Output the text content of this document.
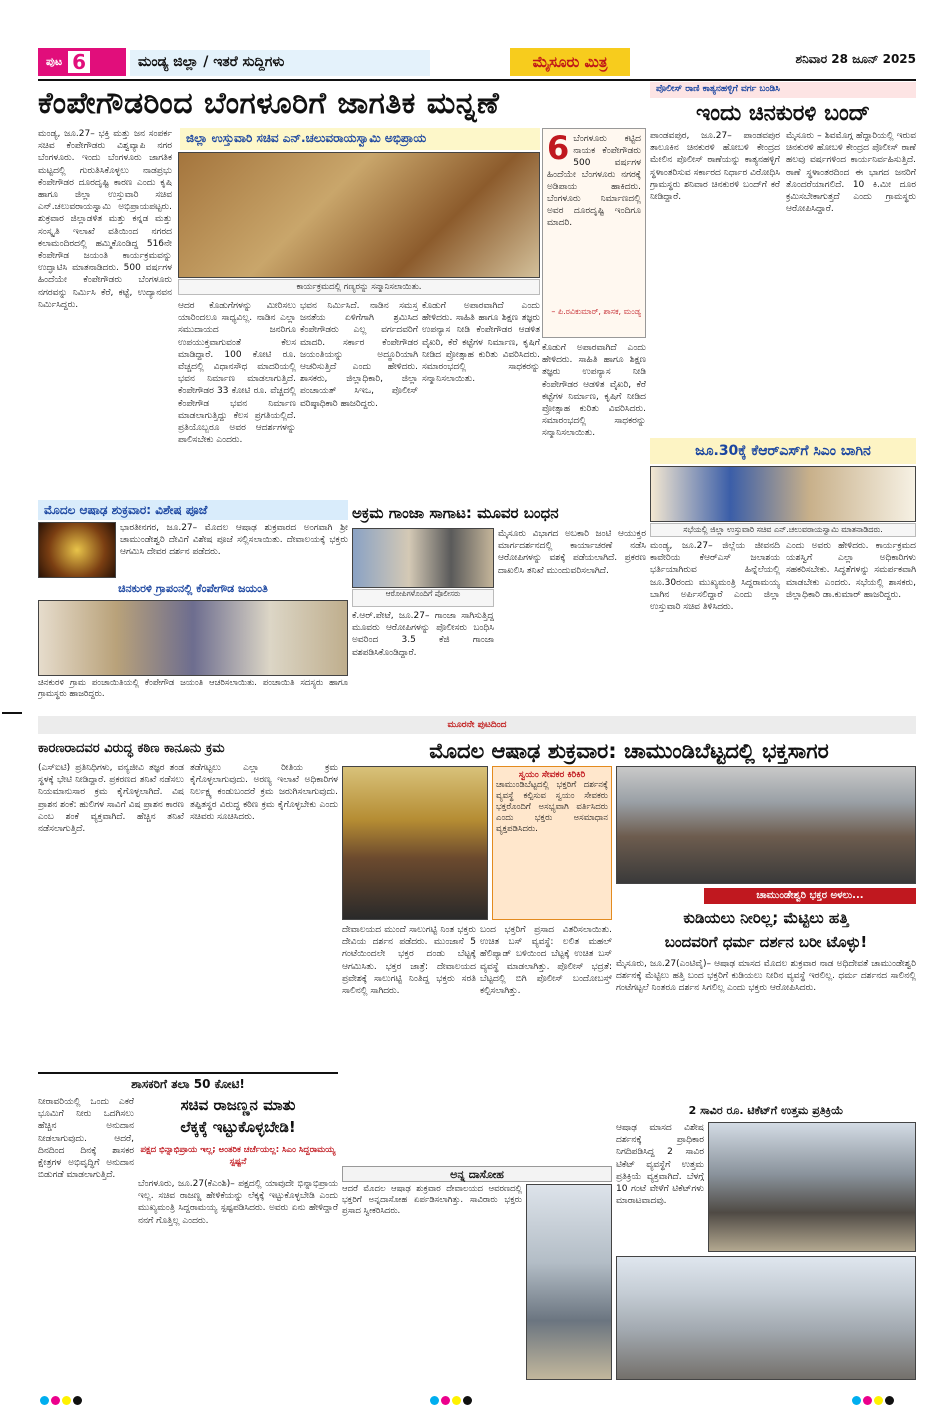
ಪುಟ 6	ಮಂಡ್ಯ ಜಿಲ್ಲಾ / ಇತರೆ ಸುದ್ದಿಗಳು	ಮೈಸೂರು ಮಿತ್ರ	ಶನಿವಾರ 28 ಜೂನ್ 2025
ಕೆಂಪೇಗೌಡರಿಂದ ಬೆಂಗಳೂರಿಗೆ ಜಾಗತಿಕ ಮನ್ನಣೆ
ಜಿಲ್ಲಾ ಉಸ್ತುವಾರಿ ಸಚಿವ ಎನ್.ಚಲುವರಾಯಸ್ವಾಮಿ ಅಭಿಪ್ರಾಯ
ಮಂಡ್ಯ, ಜೂ.27– ಭಕ್ತಿ ಮತ್ತು ಜನ ಸಂಪರ್ಕ ಸಚಿವ ಕೆಂಪೇಗೌಡರು ವಿಶ್ವವ್ಯಾಪಿ ನಗರ ಬೆಂಗಳೂರು. ಇಂದು ಬೆಂಗಳೂರು ಜಾಗತಿಕ ಮಟ್ಟದಲ್ಲಿ ಗುರುತಿಸಿಕೊಳ್ಳಲು ನಾಡಪ್ರಭು ಕೆಂಪೇಗೌಡರ ದೂರದೃಷ್ಟಿ ಕಾರಣ ಎಂದು ಕೃಷಿ ಹಾಗೂ ಜಿಲ್ಲಾ ಉಸ್ತುವಾರಿ ಸಚಿವ ಎನ್.ಚಲುವರಾಯಸ್ವಾಮಿ ಅಭಿಪ್ರಾಯಪಟ್ಟರು. ಶುಕ್ರವಾರ ಜಿಲ್ಲಾಡಳಿತ ಮತ್ತು ಕನ್ನಡ ಮತ್ತು ಸಂಸ್ಕೃತಿ ಇಲಾಖೆ ವತಿಯಿಂದ ನಗರದ ಕಲಾಮಂದಿರದಲ್ಲಿ ಹಮ್ಮಿಕೊಂಡಿದ್ದ 516ನೇ ಕೆಂಪೇಗೌಡ ಜಯಂತಿ ಕಾರ್ಯಕ್ರಮವನ್ನು ಉದ್ಘಾಟಿಸಿ ಮಾತನಾಡಿದರು. 500 ವರ್ಷಗಳ ಹಿಂದೆಯೇ ಕೆಂಪೇಗೌಡರು ಬೆಂಗಳೂರು ನಗರವನ್ನು ನಿರ್ಮಿಸಿ ಕೆರೆ, ಕಟ್ಟೆ, ಉದ್ಯಾನವನ ನಿರ್ಮಿಸಿದ್ದರು.
ಕಾರ್ಯಕ್ರಮದಲ್ಲಿ ಗಣ್ಯರನ್ನು ಸನ್ಮಾನಿಸಲಾಯಿತು.
ಆದರ ಕೊಡುಗೆಗಳನ್ನು ಮೀರಿಸಲು ಯಾರಿಂದಲೂ ಸಾಧ್ಯವಿಲ್ಲ. ನಾಡಿನ ಎಲ್ಲಾ ಸಮುದಾಯದ ಜನರಿಗೂ ಉಪಯುಕ್ತವಾಗುವಂತೆ ಕೆಲಸ ಮಾಡಿದ್ದಾರೆ. 100 ಕೋಟಿ ರೂ. ವೆಚ್ಚದಲ್ಲಿ ವಿಧಾನಸೌಧ ಮಾದರಿಯಲ್ಲಿ ಭವನ ನಿರ್ಮಾಣ ಮಾಡಲಾಗುತ್ತಿದೆ. ಕೆಂಪೇಗೌಡರ 33 ಕೋಟಿ ರೂ. ವೆಚ್ಚದಲ್ಲಿ ಕೆಂಪೇಗೌಡ ಭವನ ನಿರ್ಮಾಣ ಮಾಡಲಾಗುತ್ತಿದ್ದು ಕೆಲಸ ಪ್ರಗತಿಯಲ್ಲಿದೆ. ಪ್ರತಿಯೊಬ್ಬರೂ ಅವರ ಆದರ್ಶಗಳನ್ನು ಪಾಲಿಸಬೇಕು ಎಂದರು.
ಭವನ ನಿರ್ಮಿಸಿದೆ. ನಾಡಿನ ಸಮಸ್ತ ಜನತೆಯ ಏಳಿಗೆಗಾಗಿ ಶ್ರಮಿಸಿದ ಕೆಂಪೇಗೌಡರು ಎಲ್ಲ ವರ್ಗದವರಿಗೆ ಮಾದರಿ. ಸರ್ಕಾರ ಕೆಂಪೇಗೌಡರ ಜಯಂತಿಯನ್ನು ಅದ್ಧೂರಿಯಾಗಿ ಆಚರಿಸುತ್ತಿದೆ ಎಂದು ಹೇಳಿದರು. ಶಾಸಕರು, ಜಿಲ್ಲಾಧಿಕಾರಿ, ಜಿಲ್ಲಾ ಪಂಚಾಯತ್ ಸಿಇಒ, ಪೊಲೀಸ್ ವರಿಷ್ಠಾಧಿಕಾರಿ ಹಾಜರಿದ್ದರು.
ಕೊಡುಗೆ ಅಪಾರವಾಗಿದೆ ಎಂದು ಹೇಳಿದರು. ಸಾಹಿತಿ ಹಾಗೂ ಶಿಕ್ಷಣ ತಜ್ಞರು ಉಪನ್ಯಾಸ ನೀಡಿ ಕೆಂಪೇಗೌಡರ ಆಡಳಿತ ವೈಖರಿ, ಕೆರೆ ಕಟ್ಟೆಗಳ ನಿರ್ಮಾಣ, ಕೃಷಿಗೆ ನೀಡಿದ ಪ್ರೋತ್ಸಾಹ ಕುರಿತು ವಿವರಿಸಿದರು. ಸಮಾರಂಭದಲ್ಲಿ ಸಾಧಕರನ್ನು ಸನ್ಮಾನಿಸಲಾಯಿತು.
6 ಬೆಂಗಳೂರು ಕಟ್ಟಿದ ನಾಯಕ ಕೆಂಪೇಗೌಡರು 500 ವರ್ಷಗಳ ಹಿಂದೆಯೇ ಬೆಂಗಳೂರು ನಗರಕ್ಕೆ ಅಡಿಪಾಯ ಹಾಕಿದರು. ಬೆಂಗಳೂರು ನಿರ್ಮಾಣದಲ್ಲಿ ಅವರ ದೂರದೃಷ್ಟಿ ಇಂದಿಗೂ ಮಾದರಿ.
– ಪಿ.ರವಿಕುಮಾರ್, ಶಾಸಕ, ಮಂಡ್ಯ
ಕೊಡುಗೆ ಅಪಾರವಾಗಿದೆ ಎಂದು ಹೇಳಿದರು. ಸಾಹಿತಿ ಹಾಗೂ ಶಿಕ್ಷಣ ತಜ್ಞರು ಉಪನ್ಯಾಸ ನೀಡಿ ಕೆಂಪೇಗೌಡರ ಆಡಳಿತ ವೈಖರಿ, ಕೆರೆ ಕಟ್ಟೆಗಳ ನಿರ್ಮಾಣ, ಕೃಷಿಗೆ ನೀಡಿದ ಪ್ರೋತ್ಸಾಹ ಕುರಿತು ವಿವರಿಸಿದರು. ಸಮಾರಂಭದಲ್ಲಿ ಸಾಧಕರನ್ನು ಸನ್ಮಾನಿಸಲಾಯಿತು.
ಪೊಲೀಸ್ ರಾಣಿ ಕಾತ್ಯನಹಳ್ಳಿಗೆ ವರ್ಗ ಬಂಡಿಸಿ
ಇಂದು ಚಿನಕುರಳಿ ಬಂದ್
ಪಾಂಡವಪುರ, ಜೂ.27– ಪಾಂಡವಪುರ ತಾಲೂಕಿನ ಚಿನಕುರಳಿ ಹೋಬಳಿ ಕೇಂದ್ರದ ಮೇಲಿನ ಪೊಲೀಸ್ ಠಾಣೆಯನ್ನು ಕಾತ್ಯನಹಳ್ಳಿಗೆ ಸ್ಥಳಾಂತರಿಸುವ ಸರ್ಕಾರದ ನಿರ್ಧಾರ ವಿರೋಧಿಸಿ ಗ್ರಾಮಸ್ಥರು ಶನಿವಾರ ಚಿನಕುರಳಿ ಬಂದ್‌ಗೆ ಕರೆ ನೀಡಿದ್ದಾರೆ.
ಮೈಸೂರು – ಶಿವಮೊಗ್ಗ ಹೆದ್ದಾರಿಯಲ್ಲಿ ಇರುವ ಚಿನಕುರಳಿ ಹೋಬಳಿ ಕೇಂದ್ರದ ಪೊಲೀಸ್ ಠಾಣೆ ಹಲವು ವರ್ಷಗಳಿಂದ ಕಾರ್ಯನಿರ್ವಹಿಸುತ್ತಿದೆ. ಠಾಣೆ ಸ್ಥಳಾಂತರದಿಂದ ಈ ಭಾಗದ ಜನರಿಗೆ ತೊಂದರೆಯಾಗಲಿದೆ. 10 ಕಿ.ಮೀ ದೂರ ಕ್ರಮಿಸಬೇಕಾಗುತ್ತದೆ ಎಂದು ಗ್ರಾಮಸ್ಥರು ಆರೋಪಿಸಿದ್ದಾರೆ.
ಜೂ.30ಕ್ಕೆ ಕೆಆರ್‌ಎಸ್‌ಗೆ ಸಿಎಂ ಬಾಗಿನ
ಸಭೆಯಲ್ಲಿ ಜಿಲ್ಲಾ ಉಸ್ತುವಾರಿ ಸಚಿವ ಎನ್.ಚಲುವರಾಯಸ್ವಾಮಿ ಮಾತನಾಡಿದರು.
ಮಂಡ್ಯ, ಜೂ.27– ಜಿಲ್ಲೆಯ ಜೀವನದಿ ಕಾವೇರಿಯ ಕೆಆರ್‌ಎಸ್ ಜಲಾಶಯ ಭರ್ತಿಯಾಗಿರುವ ಹಿನ್ನೆಲೆಯಲ್ಲಿ ಜೂ.30ರಂದು ಮುಖ್ಯಮಂತ್ರಿ ಸಿದ್ದರಾಮಯ್ಯ ಬಾಗಿನ ಅರ್ಪಿಸಲಿದ್ದಾರೆ ಎಂದು ಜಿಲ್ಲಾ ಉಸ್ತುವಾರಿ ಸಚಿವ ತಿಳಿಸಿದರು.
ಎಂದು ಅವರು ಹೇಳಿದರು. ಕಾರ್ಯಕ್ರಮದ ಯಶಸ್ವಿಗೆ ಎಲ್ಲಾ ಅಧಿಕಾರಿಗಳು ಸಹಕರಿಸಬೇಕು. ಸಿದ್ಧತೆಗಳನ್ನು ಸಮರ್ಪಕವಾಗಿ ಮಾಡಬೇಕು ಎಂದರು. ಸಭೆಯಲ್ಲಿ ಶಾಸಕರು, ಜಿಲ್ಲಾಧಿಕಾರಿ ಡಾ.ಕುಮಾರ್ ಹಾಜರಿದ್ದರು.
ಮೊದಲ ಆಷಾಢ ಶುಕ್ರವಾರ: ವಿಶೇಷ ಪೂಜೆ
ಭಾರತೀನಗರ, ಜೂ.27– ಮೊದಲ ಆಷಾಢ ಶುಕ್ರವಾರದ ಅಂಗವಾಗಿ ಶ್ರೀ ಚಾಮುಂಡೇಶ್ವರಿ ದೇವಿಗೆ ವಿಶೇಷ ಪೂಜೆ ಸಲ್ಲಿಸಲಾಯಿತು. ದೇವಾಲಯಕ್ಕೆ ಭಕ್ತರು ಆಗಮಿಸಿ ದೇವರ ದರ್ಶನ ಪಡೆದರು.
ಚಿನಕುರಳಿ ಗ್ರಾಪಂನಲ್ಲಿ ಕೆಂಪೇಗೌಡ ಜಯಂತಿ
ಚಿನಕುರಳಿ ಗ್ರಾಮ ಪಂಚಾಯಿತಿಯಲ್ಲಿ ಕೆಂಪೇಗೌಡ ಜಯಂತಿ ಆಚರಿಸಲಾಯಿತು. ಪಂಚಾಯಿತಿ ಸದಸ್ಯರು ಹಾಗೂ ಗ್ರಾಮಸ್ಥರು ಹಾಜರಿದ್ದರು.
ಅಕ್ರಮ ಗಾಂಜಾ ಸಾಗಾಟ: ಮೂವರ ಬಂಧನ
ಆರೋಪಿಗಳೊಂದಿಗೆ ಪೊಲೀಸರು
ಕೆ.ಆರ್.ಪೇಟೆ, ಜೂ.27– ಗಾಂಜಾ ಸಾಗಿಸುತ್ತಿದ್ದ ಮೂವರು ಆರೋಪಿಗಳನ್ನು ಪೊಲೀಸರು ಬಂಧಿಸಿ ಅವರಿಂದ 3.5 ಕೆಜಿ ಗಾಂಜಾ ವಶಪಡಿಸಿಕೊಂಡಿದ್ದಾರೆ.
ಮೈಸೂರು ವಿಭಾಗದ ಅಬಕಾರಿ ಜಂಟಿ ಆಯುಕ್ತರ ಮಾರ್ಗದರ್ಶನದಲ್ಲಿ ಕಾರ್ಯಾಚರಣೆ ನಡೆಸಿ ಆರೋಪಿಗಳನ್ನು ವಶಕ್ಕೆ ಪಡೆಯಲಾಗಿದೆ. ಪ್ರಕರಣ ದಾಖಲಿಸಿ ತನಿಖೆ ಮುಂದುವರಿಸಲಾಗಿದೆ.
ಮೂರನೇ ಪುಟದಿಂದ
ಕಾರಣರಾದವರ ವಿರುದ್ಧ ಕಠಿಣ ಕಾನೂನು ಕ್ರಮ
(ಎಸ್‌ಐಟಿ) ಪ್ರತಿನಿಧಿಗಳು, ವನ್ಯಜೀವಿ ತಜ್ಞರ ತಂಡ ಸ್ಥಳಕ್ಕೆ ಭೇಟಿ ನೀಡಿದ್ದಾರೆ. ಪ್ರಕರಣದ ತನಿಖೆ ನಡೆಸಲು ನಿಯಮಾನುಸಾರ ಕ್ರಮ ಕೈಗೊಳ್ಳಲಾಗಿದೆ. ವಿಷ ಪ್ರಾಶನ ಶಂಕೆ: ಹುಲಿಗಳ ಸಾವಿಗೆ ವಿಷ ಪ್ರಾಶನ ಕಾರಣ ಎಂಬ ಶಂಕೆ ವ್ಯಕ್ತವಾಗಿದೆ. ಹೆಚ್ಚಿನ ತನಿಖೆ ನಡೆಸಲಾಗುತ್ತಿದೆ.
ತಡೆಗಟ್ಟಲು ಎಲ್ಲಾ ರೀತಿಯ ಕ್ರಮ ಕೈಗೊಳ್ಳಲಾಗುವುದು. ಅರಣ್ಯ ಇಲಾಖೆ ಅಧಿಕಾರಿಗಳ ನಿರ್ಲಕ್ಷ್ಯ ಕಂಡುಬಂದರೆ ಕ್ರಮ ಜರುಗಿಸಲಾಗುವುದು. ತಪ್ಪಿತಸ್ಥರ ವಿರುದ್ಧ ಕಠಿಣ ಕ್ರಮ ಕೈಗೊಳ್ಳಬೇಕು ಎಂದು ಸಚಿವರು ಸೂಚಿಸಿದರು.
ಶಾಸಕರಿಗೆ ತಲಾ 50 ಕೋಟಿ!
ನೀರಾವರಿಯಲ್ಲಿ ಒಂದು ಎಕರೆ ಭೂಮಿಗೆ ನೀರು ಒದಗಿಸಲು ಹೆಚ್ಚಿನ ಅನುದಾನ ನೀಡಲಾಗುವುದು. ಆದರೆ, ದಿನದಿಂದ ದಿನಕ್ಕೆ ಶಾಸಕರ ಕ್ಷೇತ್ರಗಳ ಅಭಿವೃದ್ಧಿಗೆ ಅನುದಾನ ಬಿಡುಗಡೆ ಮಾಡಲಾಗುತ್ತಿದೆ.
ಸಚಿವ ರಾಜಣ್ಣನ ಮಾತು
ಲೆಕ್ಕಕ್ಕೆ ಇಟ್ಟುಕೊಳ್ಳಬೇಡಿ!
ಪಕ್ಷದ ಭಿನ್ನಾಭಿಪ್ರಾಯ ಇಲ್ಲ; ಅಂತರಿಕ ಚರ್ಚೆಯಲ್ಲ: ಸಿಎಂ ಸಿದ್ದರಾಮಯ್ಯ ಸ್ಪಷ್ಟನೆ
ಬೆಂಗಳೂರು, ಜೂ.27(ಕೆಎಂಶಿ)– ಪಕ್ಷದಲ್ಲಿ ಯಾವುದೇ ಭಿನ್ನಾಭಿಪ್ರಾಯ ಇಲ್ಲ. ಸಚಿವ ರಾಜಣ್ಣ ಹೇಳಿಕೆಯನ್ನು ಲೆಕ್ಕಕ್ಕೆ ಇಟ್ಟುಕೊಳ್ಳಬೇಡಿ ಎಂದು ಮುಖ್ಯಮಂತ್ರಿ ಸಿದ್ದರಾಮಯ್ಯ ಸ್ಪಷ್ಟಪಡಿಸಿದರು. ಅವರು ಏನು ಹೇಳಿದ್ದಾರೆ ನನಗೆ ಗೊತ್ತಿಲ್ಲ ಎಂದರು.
ಮೊದಲ ಆಷಾಢ ಶುಕ್ರವಾರ: ಚಾಮುಂಡಿಬೆಟ್ಟದಲ್ಲಿ ಭಕ್ತಸಾಗರ
ಸ್ವಯಂ ಸೇವಕರ ಕಿರಿಕಿರಿ
ಚಾಮುಂಡಿಬೆಟ್ಟದಲ್ಲಿ ಭಕ್ತರಿಗೆ ದರ್ಶನಕ್ಕೆ ವ್ಯವಸ್ಥೆ ಕಲ್ಪಿಸುವ ಸ್ವಯಂ ಸೇವಕರು ಭಕ್ತರೊಂದಿಗೆ ಅಸಭ್ಯವಾಗಿ ವರ್ತಿಸಿದರು ಎಂದು ಭಕ್ತರು ಅಸಮಾಧಾನ ವ್ಯಕ್ತಪಡಿಸಿದರು.
ದೇವಾಲಯದ ಮುಂದೆ ಸಾಲುಗಟ್ಟಿ ನಿಂತ ಭಕ್ತರು ದೇವಿಯ ದರ್ಶನ ಪಡೆದರು. ಮುಂಜಾನೆ 5 ಗಂಟೆಯಿಂದಲೇ ಭಕ್ತರ ದಂಡು ಬೆಟ್ಟಕ್ಕೆ ಆಗಮಿಸಿತು. ಭಕ್ತರ ಜಾತ್ರೆ: ದೇವಾಲಯದ ಪ್ರವೇಶಕ್ಕೆ ಸಾಲುಗಟ್ಟಿ ನಿಂತಿದ್ದ ಭಕ್ತರು ಸರತಿ ಸಾಲಿನಲ್ಲಿ ಸಾಗಿದರು.
ಬಂದ ಭಕ್ತರಿಗೆ ಪ್ರಸಾದ ವಿತರಿಸಲಾಯಿತು. ಉಚಿತ ಬಸ್ ವ್ಯವಸ್ಥೆ: ಲಲಿತ ಮಹಲ್ ಹೆಲಿಪ್ಯಾಡ್ ಬಳಿಯಿಂದ ಬೆಟ್ಟಕ್ಕೆ ಉಚಿತ ಬಸ್ ವ್ಯವಸ್ಥೆ ಮಾಡಲಾಗಿತ್ತು. ಪೊಲೀಸ್ ಭದ್ರತೆ: ಬೆಟ್ಟದಲ್ಲಿ ಬಿಗಿ ಪೊಲೀಸ್ ಬಂದೋಬಸ್ತ್ ಕಲ್ಪಿಸಲಾಗಿತ್ತು.
ಅನ್ನ ದಾಸೋಹ
ಆದರೆ ಮೊದಲ ಆಷಾಢ ಶುಕ್ರವಾರ ದೇವಾಲಯದ ಆವರಣದಲ್ಲಿ ಭಕ್ತರಿಗೆ ಅನ್ನದಾಸೋಹ ಏರ್ಪಡಿಸಲಾಗಿತ್ತು. ಸಾವಿರಾರು ಭಕ್ತರು ಪ್ರಸಾದ ಸ್ವೀಕರಿಸಿದರು.
ಚಾಮುಂಡೇಶ್ವರಿ ಭಕ್ತರ ಅಳಲು...
ಕುಡಿಯಲು ನೀರಿಲ್ಲ; ಮೆಟ್ಟಿಲು ಹತ್ತಿ
ಬಂದವರಿಗೆ ಧರ್ಮ ದರ್ಶನ ಬರೀ ಟೊಳ್ಳು!
ಮೈಸೂರು, ಜೂ.27(ಎಂಟಿವೈ)– ಆಷಾಢ ಮಾಸದ ಮೊದಲ ಶುಕ್ರವಾರ ನಾಡ ಅಧಿದೇವತೆ ಚಾಮುಂಡೇಶ್ವರಿ ದರ್ಶನಕ್ಕೆ ಮೆಟ್ಟಿಲು ಹತ್ತಿ ಬಂದ ಭಕ್ತರಿಗೆ ಕುಡಿಯಲು ನೀರಿನ ವ್ಯವಸ್ಥೆ ಇರಲಿಲ್ಲ. ಧರ್ಮ ದರ್ಶನದ ಸಾಲಿನಲ್ಲಿ ಗಂಟೆಗಟ್ಟಲೆ ನಿಂತರೂ ದರ್ಶನ ಸಿಗಲಿಲ್ಲ ಎಂದು ಭಕ್ತರು ಆರೋಪಿಸಿದರು.
2 ಸಾವಿರ ರೂ. ಟಿಕೆಟ್‌ಗೆ ಉತ್ತಮ ಪ್ರತಿಕ್ರಿಯೆ
ಆಷಾಢ ಮಾಸದ ವಿಶೇಷ ದರ್ಶನಕ್ಕೆ ಪ್ರಾಧಿಕಾರ ನಿಗದಿಪಡಿಸಿದ್ದ 2 ಸಾವಿರ ಟಿಕೆಟ್ ವ್ಯವಸ್ಥೆಗೆ ಉತ್ತಮ ಪ್ರತಿಕ್ರಿಯೆ ವ್ಯಕ್ತವಾಗಿದೆ. ಬೆಳಗ್ಗೆ 10 ಗಂಟೆ ವೇಳೆಗೆ ಟಿಕೆಟ್‌ಗಳು ಮಾರಾಟವಾದವು.
